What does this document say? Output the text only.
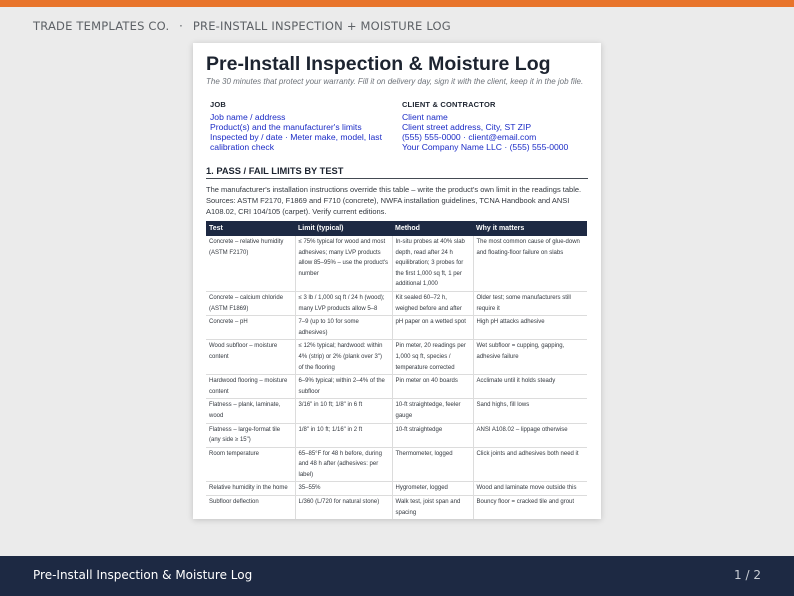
TRADE TEMPLATES CO. · PRE-INSTALL INSPECTION + MOISTURE LOG
Pre-Install Inspection & Moisture Log
The 30 minutes that protect your warranty. Fill it on delivery day, sign it with the client, keep it in the job file.
JOB
Job name / address
Product(s) and the manufacturer's limits
Inspected by / date · Meter make, model, last
calibration check
CLIENT & CONTRACTOR
Client name
Client street address, City, ST ZIP
(555) 555-0000 · client@email.com
Your Company Name LLC · (555) 555-0000
1. PASS / FAIL LIMITS BY TEST
The manufacturer's installation instructions override this table – write the product's own limit in the readings table. Sources: ASTM F2170, F1869 and F710 (concrete), NWFA installation guidelines, TCNA Handbook and ANSI A108.02, CRI 104/105 (carpet). Verify current editions.
Test	Limit (typical)	Method	Why it matters
Concrete – relative humidity (ASTM F2170)	≤ 75% typical for wood and most adhesives; many LVP products allow 85–95% – use the product's number	In-situ probes at 40% slab depth, read after 24 h equilibration; 3 probes for the first 1,000 sq ft, 1 per additional 1,000	The most common cause of glue-down and floating-floor failure on slabs
Concrete – calcium chloride (ASTM F1869)	≤ 3 lb / 1,000 sq ft / 24 h (wood); many LVP products allow 5–8	Kit sealed 60–72 h, weighed before and after	Older test; some manufacturers still require it
Concrete – pH	7–9 (up to 10 for some adhesives)	pH paper on a wetted spot	High pH attacks adhesive
Wood subfloor – moisture content	≤ 12% typical; hardwood: within 4% (strip) or 2% (plank over 3") of the flooring	Pin meter, 20 readings per 1,000 sq ft, species / temperature corrected	Wet subfloor = cupping, gapping, adhesive failure
Hardwood flooring – moisture content	6–9% typical; within 2–4% of the subfloor	Pin meter on 40 boards	Acclimate until it holds steady
Flatness – plank, laminate, wood	3/16" in 10 ft; 1/8" in 6 ft	10-ft straightedge, feeler gauge	Sand highs, fill lows
Flatness – large-format tile (any side ≥ 15")	1/8" in 10 ft; 1/16" in 2 ft	10-ft straightedge	ANSI A108.02 – lippage otherwise
Room temperature	65–85°F for 48 h before, during and 48 h after (adhesives: per label)	Thermometer, logged	Click joints and adhesives both need it
Relative humidity in the home	35–55%	Hygrometer, logged	Wood and laminate move outside this
Subfloor deflection	L/360 (L/720 for natural stone)	Walk test, joist span and spacing	Bouncy floor = cracked tile and grout
Pre-Install Inspection & Moisture Log	1 / 2
